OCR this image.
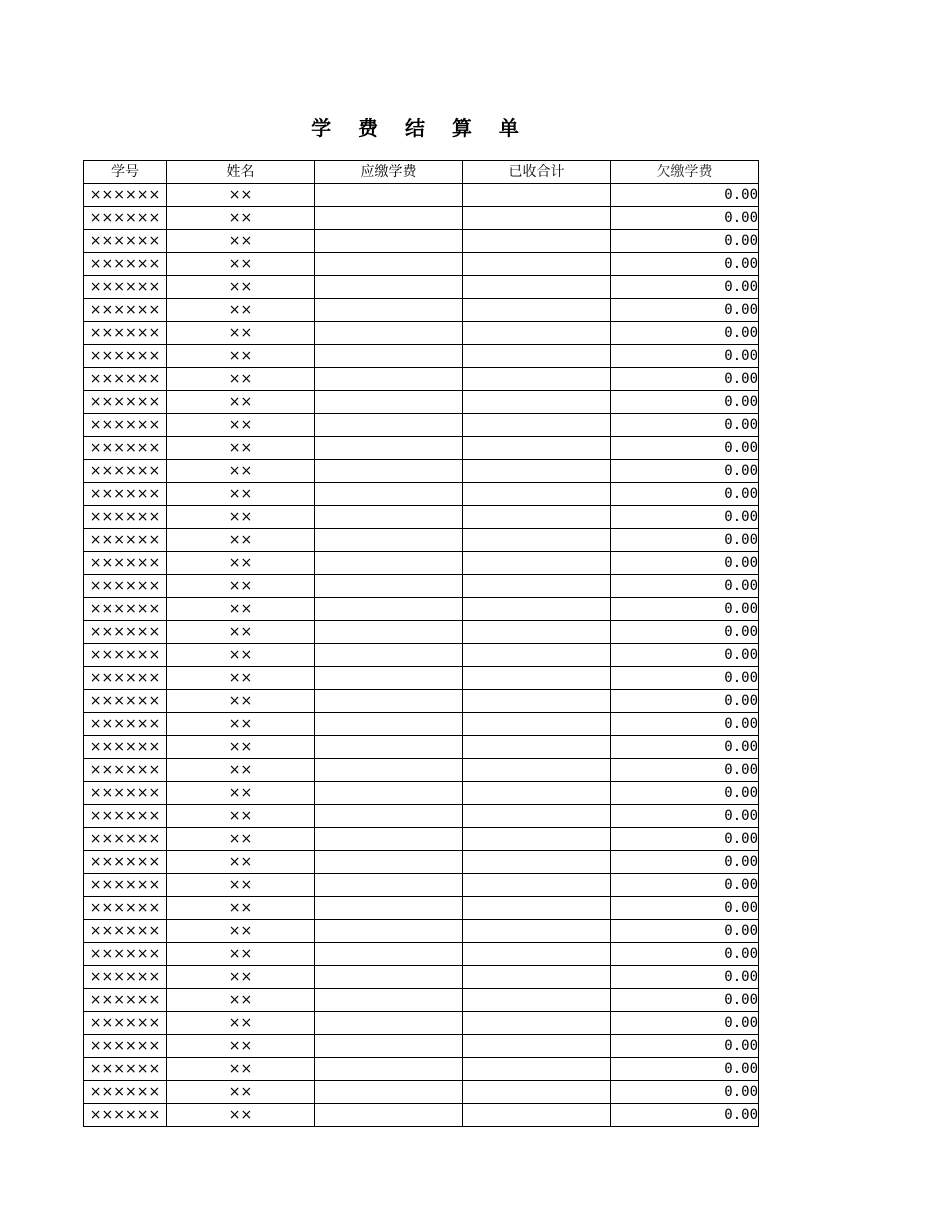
学 费 结 算 单
学号	姓名	应缴学费	已收合计	欠缴学费
××××××	××			0.00
××××××	××			0.00
××××××	××			0.00
××××××	××			0.00
××××××	××			0.00
××××××	××			0.00
××××××	××			0.00
××××××	××			0.00
××××××	××			0.00
××××××	××			0.00
××××××	××			0.00
××××××	××			0.00
××××××	××			0.00
××××××	××			0.00
××××××	××			0.00
××××××	××			0.00
××××××	××			0.00
××××××	××			0.00
××××××	××			0.00
××××××	××			0.00
××××××	××			0.00
××××××	××			0.00
××××××	××			0.00
××××××	××			0.00
××××××	××			0.00
××××××	××			0.00
××××××	××			0.00
××××××	××			0.00
××××××	××			0.00
××××××	××			0.00
××××××	××			0.00
××××××	××			0.00
××××××	××			0.00
××××××	××			0.00
××××××	××			0.00
××××××	××			0.00
××××××	××			0.00
××××××	××			0.00
××××××	××			0.00
××××××	××			0.00
××××××	××			0.00
